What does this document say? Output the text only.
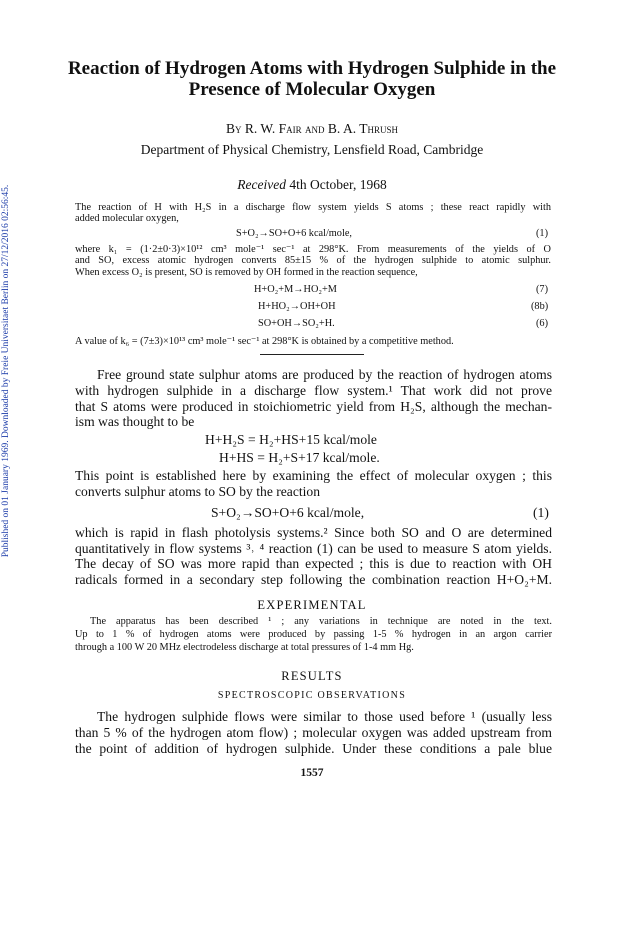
Published on 01 January 1969. Downloaded by Freie Universitaet Berlin on 27/12/2016 02:56:45.
Reaction of Hydrogen Atoms with Hydrogen Sulphide in the
Presence of Molecular Oxygen
By R. W. Fair and B. A. Thrush
Department of Physical Chemistry, Lensfield Road, Cambridge
Received 4th October, 1968
The reaction of H with H₂S in a discharge flow system yields S atoms ; these react rapidly with
added molecular oxygen,
S+O₂→SO+O+6 kcal/mole,	(1)
where k₁ = (1·2±0·3)×10¹² cm³ mole⁻¹ sec⁻¹ at 298°K. From measurements of the yields of O
and SO, excess atomic hydrogen converts 85±15 % of the hydrogen sulphide to atomic sulphur.
When excess O₂ is present, SO is removed by OH formed in the reaction sequence,
H+O₂+M→HO₂+M	(7)
H+HO₂→OH+OH	(8b)
SO+OH→SO₂+H.	(6)
A value of k₆ = (7±3)×10¹³ cm³ mole⁻¹ sec⁻¹ at 298°K is obtained by a competitive method.
Free ground state sulphur atoms are produced by the reaction of hydrogen atoms
with hydrogen sulphide in a discharge flow system.¹ That work did not prove
that S atoms were produced in stoichiometric yield from H₂S, although the mechan-
ism was thought to be
H+H₂S = H₂+HS+15 kcal/mole
H+HS = H₂+S+17 kcal/mole.
This point is established here by examining the effect of molecular oxygen ; this
converts sulphur atoms to SO by the reaction
S+O₂→SO+O+6 kcal/mole,	(1)
which is rapid in flash photolysis systems.² Since both SO and O are determined
quantitatively in flow systems ³˒ ⁴ reaction (1) can be used to measure S atom yields.
The decay of SO was more rapid than expected ; this is due to reaction with OH
radicals formed in a secondary step following the combination reaction H+O₂+M.
EXPERIMENTAL
The apparatus has been described ¹ ; any variations in technique are noted in the text.
Up to 1 % of hydrogen atoms were produced by passing 1-5 % hydrogen in an argon carrier
through a 100 W 20 MHz electrodeless discharge at total pressures of 1-4 mm Hg.
RESULTS
SPECTROSCOPIC OBSERVATIONS
The hydrogen sulphide flows were similar to those used before ¹ (usually less
than 5 % of the hydrogen atom flow) ; molecular oxygen was added upstream from
the point of addition of hydrogen sulphide. Under these conditions a pale blue
1557
